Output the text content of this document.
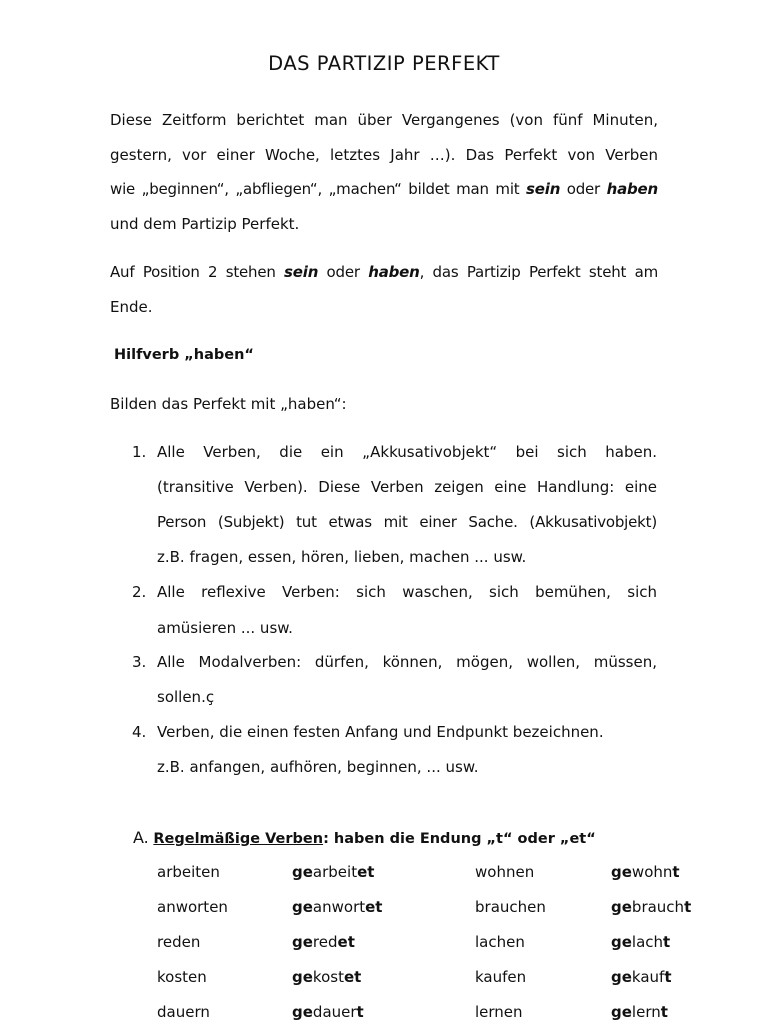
DAS PARTIZIP PERFEKT
Diese Zeitform berichtet man über Vergangenes (von fünf Minuten,
gestern, vor einer Woche, letztes Jahr …). Das Perfekt von Verben
wie „beginnen“, „abfliegen“, „machen“ bildet man mit sein oder haben
und dem Partizip Perfekt.
Auf Position 2 stehen sein oder haben, das Partizip Perfekt steht am
Ende.
Hilfverb „haben“
Bilden das Perfekt mit „haben“:
1. Alle Verben, die ein „Akkusativobjekt“ bei sich haben.
(transitive Verben). Diese Verben zeigen eine Handlung: eine
Person (Subjekt) tut etwas mit einer Sache. (Akkusativobjekt)
z.B. fragen, essen, hören, lieben, machen ... usw.
2. Alle reflexive Verben: sich waschen, sich bemühen, sich
amüsieren ... usw.
3. Alle Modalverben: dürfen, können, mögen, wollen, müssen,
sollen.ç
4. Verben, die einen festen Anfang und Endpunkt bezeichnen.
z.B. anfangen, aufhören, beginnen, ... usw.
A. Regelmäßige Verben: haben die Endung „t“ oder „et“
arbeiten	gearbeitet	wohnen	gewohnt
anworten	geanwortet	brauchen	gebraucht
reden	geredet	lachen	gelacht
kosten	gekostet	kaufen	gekauft
dauern	gedauert	lernen	gelernt
